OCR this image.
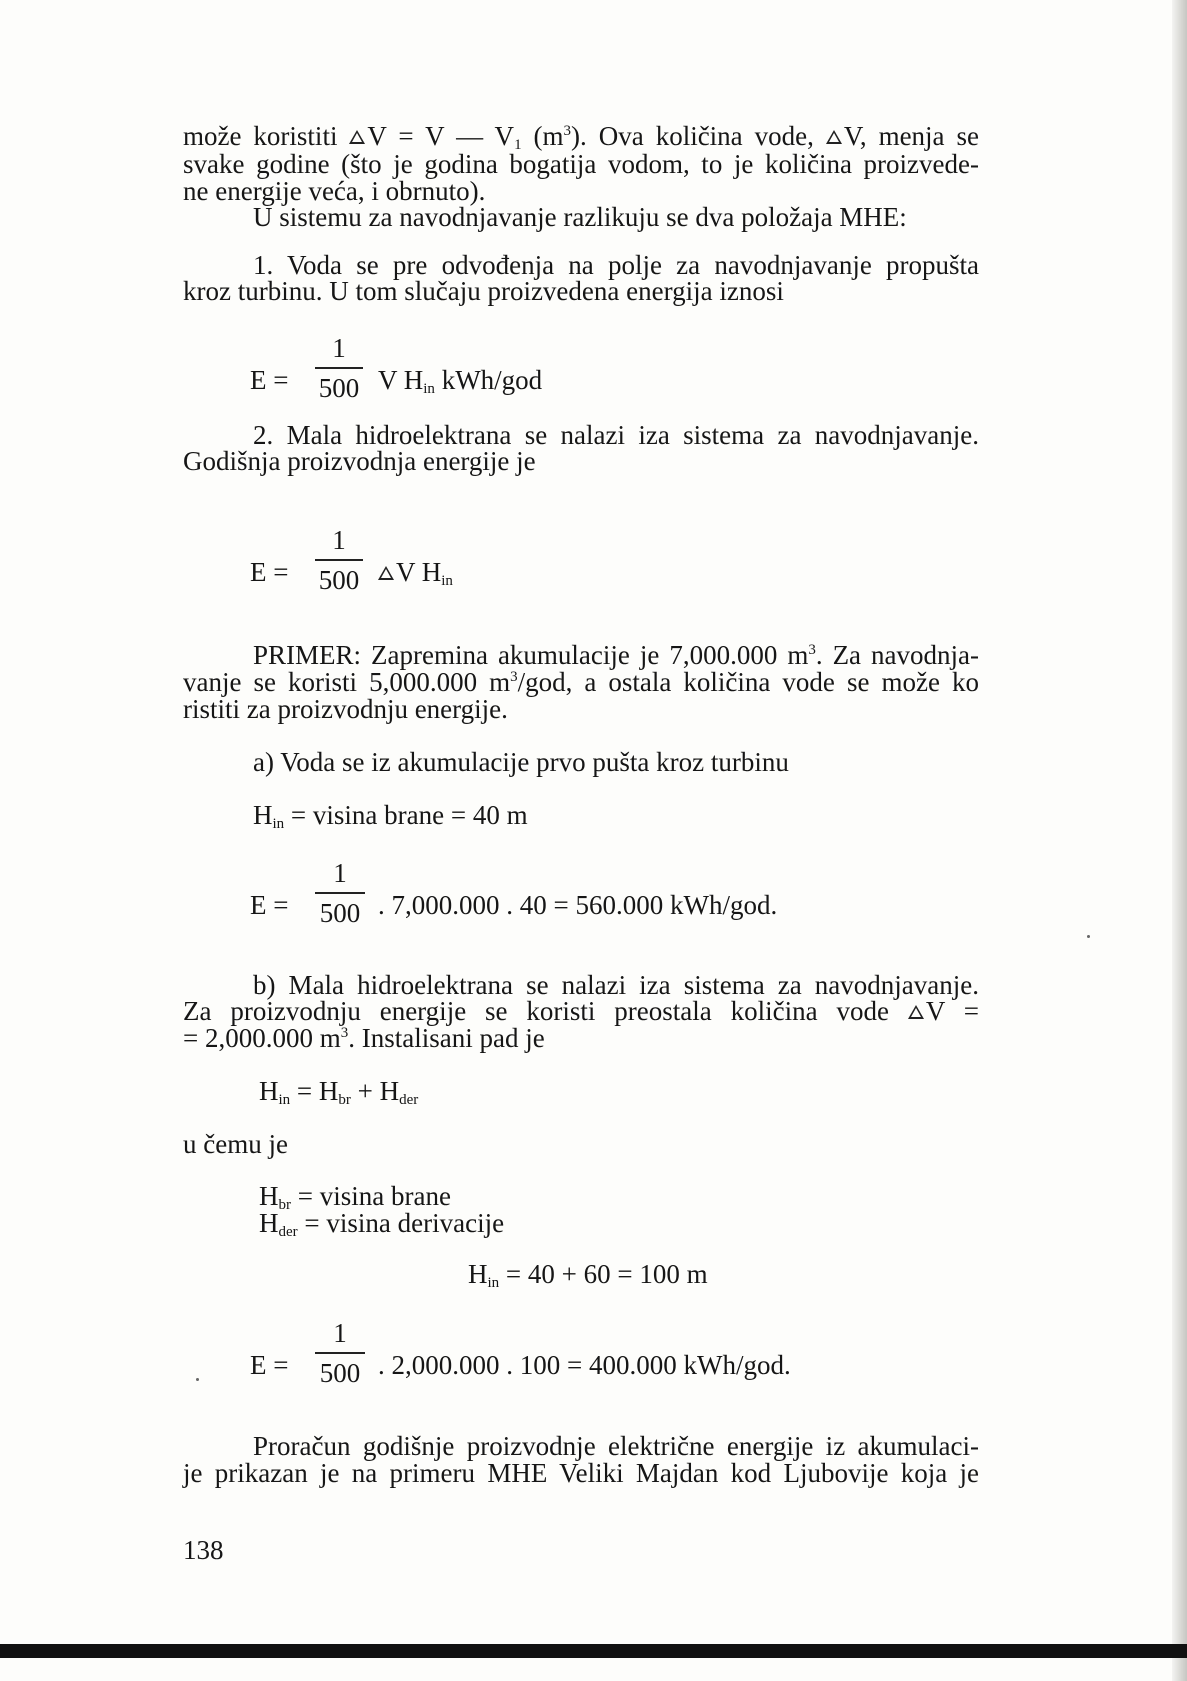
može koristiti V = V — V1 $(m^3)$. Ova količina vode, V, menja se
svake godine (što je godina bogatija vodom, to je količina proizvede-
ne energije veća, i obrnuto).
U sistemu za navodnjavanje razlikuju se dva položaja MHE:
1. Voda se pre odvođenja na polje za navodnjavanje propušta
kroz turbinu. U tom slučaju proizvedena energija iznosi
E =
1
500 V Hin kWh/god
2. Mala hidroelektrana se nalazi iza sistema za navodnjavanje.
Godišnja proizvodnja energije je
E =
1
500	V Hin
PRIMER: Zapremina akumulacije je 7,000.000 $m^3$. Za navodnja-
vanje se koristi 5,000.000 $m^3$/god, a ostala količina vode se može ko
ristiti za proizvodnju energije.
a) Voda se iz akumulacije prvo pušta kroz turbinu
Hin = visina brane = 40 m
E =
1
500 . 7,000.000 . 40 = 560.000 kWh/god.
b) Mala hidroelektrana se nalazi iza sistema za navodnjavanje.
Za proizvodnju energije se koristi preostala količina vode V =
= 2,000.000 $m^3$. Instalisani pad je
Hin = Hbr + Hder
u čemu je
Hbr = visina brane
Hder = visina derivacije
Hin = 40 + 60 = 100 m
E =
1
500 . 2,000.000 . 100 = 400.000 kWh/god.
Proračun godišnje proizvodnje električne energije iz akumulaci-
je prikazan je na primeru MHE Veliki Majdan kod Ljubovije koja je
138
